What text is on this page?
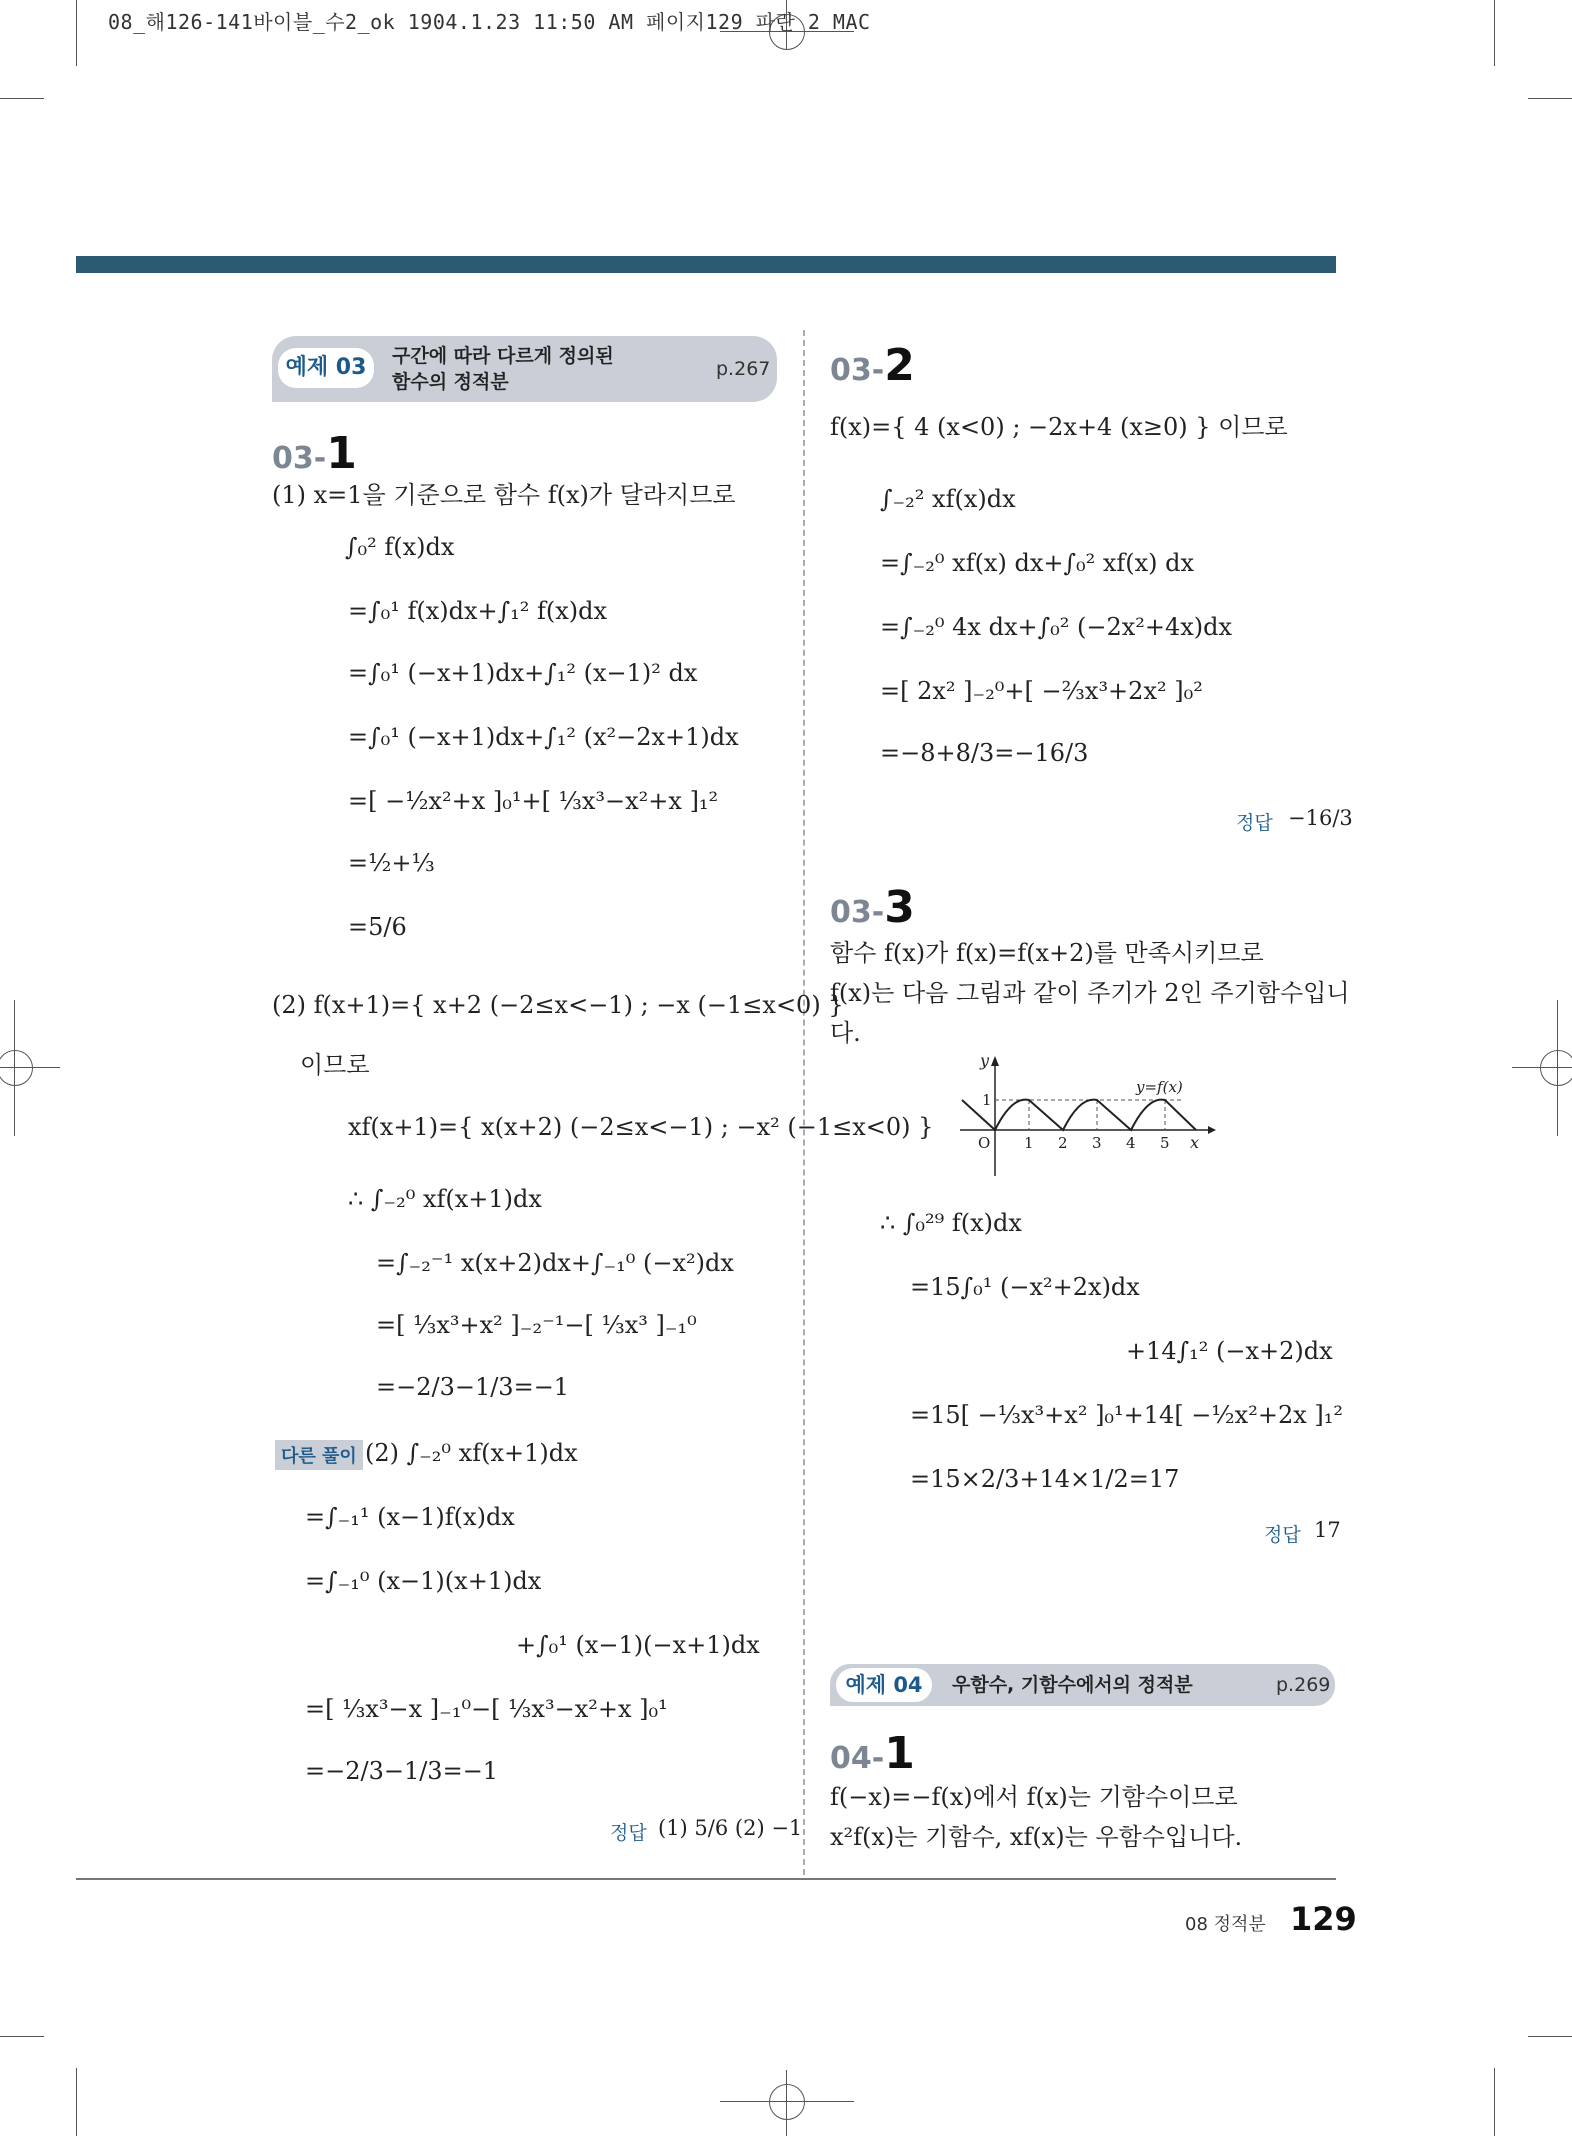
08_해126-141바이블_수2_ok 1904.1.23 11:50 AM 페이지129 파란 2 MAC
예제 03	구간에 따라 다르게 정의된
함수의 정적분
p.267
03-1
(1) x=1을 기준으로 함수 f(x)가 달라지므로
∫₀² f(x)dx
=∫₀¹ f(x)dx+∫₁² f(x)dx
=∫₀¹ (−x+1)dx+∫₁² (x−1)² dx
=∫₀¹ (−x+1)dx+∫₁² (x²−2x+1)dx
=[ −½x²+x ]₀¹+[ ⅓x³−x²+x ]₁²
=½+⅓
=5/6
(2) f(x+1)={ x+2 (−2≤x<−1) ; −x (−1≤x<0) }
이므로
xf(x+1)={ x(x+2) (−2≤x<−1) ; −x² (−1≤x<0) }
∴ ∫₋₂⁰ xf(x+1)dx
=∫₋₂⁻¹ x(x+2)dx+∫₋₁⁰ (−x²)dx
=[ ⅓x³+x² ]₋₂⁻¹−[ ⅓x³ ]₋₁⁰
=−2/3−1/3=−1
다른 풀이 (2) ∫₋₂⁰ xf(x+1)dx
=∫₋₁¹ (x−1)f(x)dx
=∫₋₁⁰ (x−1)(x+1)dx
+∫₀¹ (x−1)(−x+1)dx
=[ ⅓x³−x ]₋₁⁰−[ ⅓x³−x²+x ]₀¹
=−2/3−1/3=−1
정답 (1) 5/6 (2) −1
03-2
f(x)={ 4 (x<0) ; −2x+4 (x≥0) } 이므로
∫₋₂² xf(x)dx
=∫₋₂⁰ xf(x) dx+∫₀² xf(x) dx
=∫₋₂⁰ 4x dx+∫₀² (−2x²+4x)dx
=[ 2x² ]₋₂⁰+[ −⅔x³+2x² ]₀²
=−8+8/3=−16/3
정답 −16/3
03-3
함수 f(x)가 f(x)=f(x+2)를 만족시키므로
f(x)는 다음 그림과 같이 주기가 2인 주기함수입니
다.
y
1
O 1 2 3 4 5 x
y=f(x)
∴ ∫₀²⁹ f(x)dx
=15∫₀¹ (−x²+2x)dx
+14∫₁² (−x+2)dx
=15[ −⅓x³+x² ]₀¹+14[ −½x²+2x ]₁²
=15×2/3+14×1/2=17
정답 17
예제 04	우함수, 기함수에서의 정적분	p.269
04-1
f(−x)=−f(x)에서 f(x)는 기함수이므로
x²f(x)는 기함수, xf(x)는 우함수입니다.
08 정적분 129
